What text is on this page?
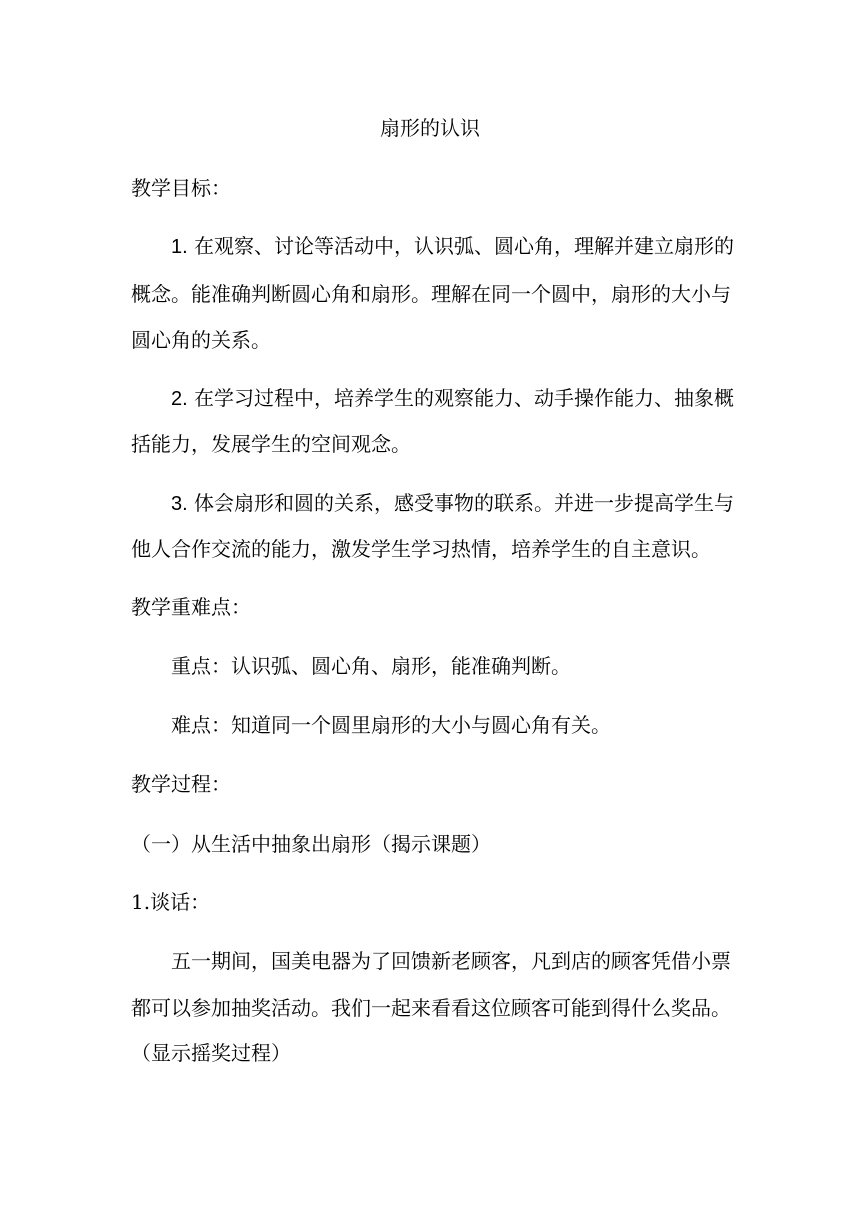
扇形的认识
教学目标：
1. 在观察、讨论等活动中，认识弧、圆心角，理解并建立扇形的
概念。能准确判断圆心角和扇形。理解在同一个圆中，扇形的大小与
圆心角的关系。
2. 在学习过程中，培养学生的观察能力、动手操作能力、抽象概
括能力，发展学生的空间观念。
3. 体会扇形和圆的关系，感受事物的联系。并进一步提高学生与
他人合作交流的能力，激发学生学习热情，培养学生的自主意识。
教学重难点：
重点：认识弧、圆心角、扇形，能准确判断。
难点：知道同一个圆里扇形的大小与圆心角有关。
教学过程：
（一）从生活中抽象出扇形（揭示课题）
1.谈话：
五一期间，国美电器为了回馈新老顾客，凡到店的顾客凭借小票
都可以参加抽奖活动。我们一起来看看这位顾客可能到得什么奖品。
（显示摇奖过程）
